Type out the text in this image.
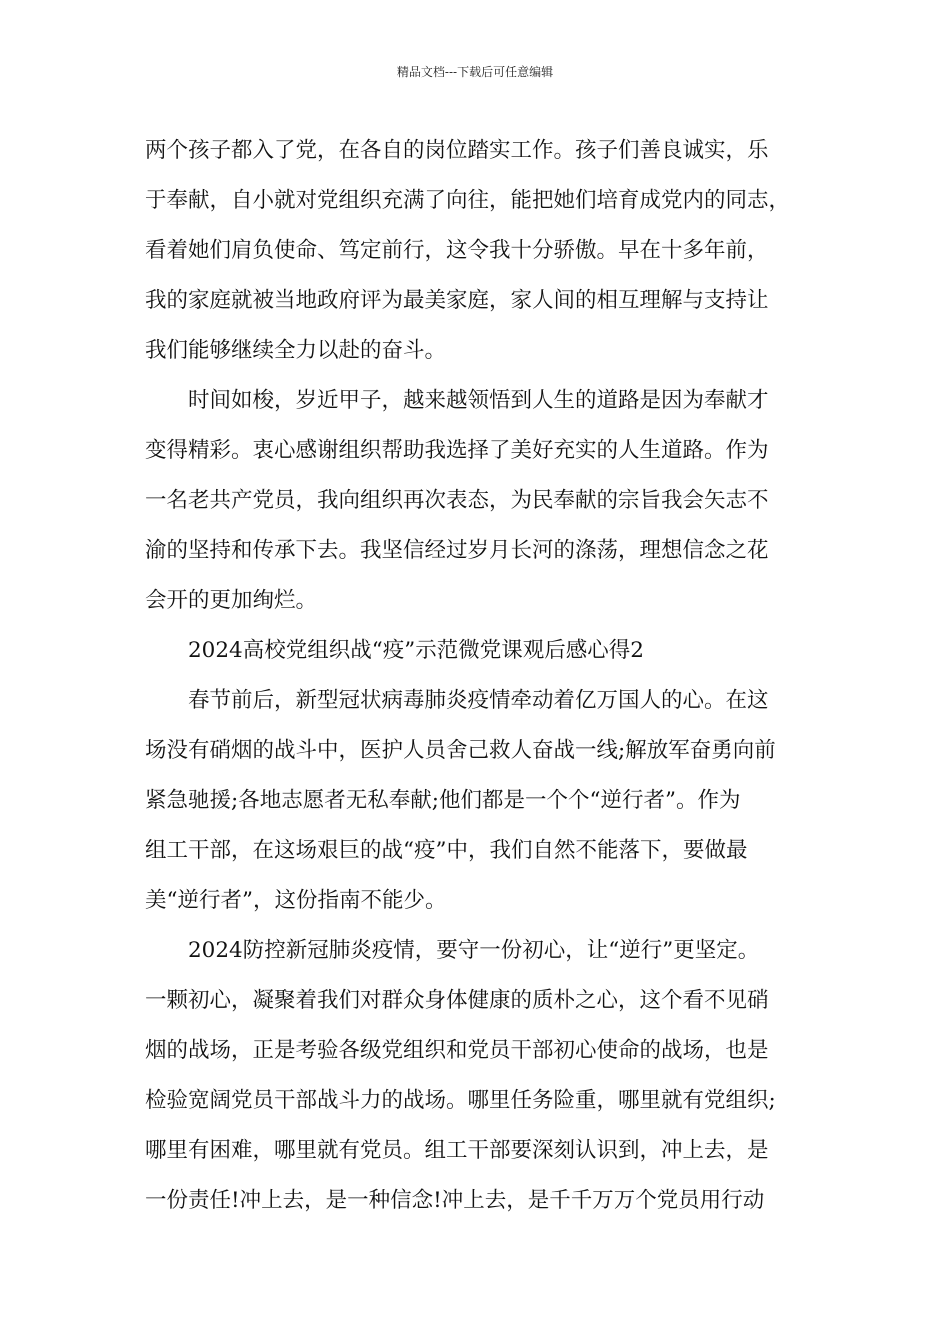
精品文档---下载后可任意编辑
两个孩子都入了党，在各自的岗位踏实工作。孩子们善良诚实，乐
于奉献，自小就对党组织充满了向往，能把她们培育成党内的同志，
看着她们肩负使命、笃定前行，这令我十分骄傲。早在十多年前，
我的家庭就被当地政府评为最美家庭，家人间的相互理解与支持让
我们能够继续全力以赴的奋斗。
时间如梭，岁近甲子，越来越领悟到人生的道路是因为奉献才
变得精彩。衷心感谢组织帮助我选择了美好充实的人生道路。作为
一名老共产党员，我向组织再次表态，为民奉献的宗旨我会矢志不
渝的坚持和传承下去。我坚信经过岁月长河的涤荡，理想信念之花
会开的更加绚烂。
2024高校党组织战“疫”示范微党课观后感心得2
春节前后，新型冠状病毒肺炎疫情牵动着亿万国人的心。在这
场没有硝烟的战斗中，医护人员舍己救人奋战一线;解放军奋勇向前
紧急驰援;各地志愿者无私奉献;他们都是一个个“逆行者”。作为
组工干部，在这场艰巨的战“疫”中，我们自然不能落下，要做最
美“逆行者”，这份指南不能少。
2024防控新冠肺炎疫情，要守一份初心，让“逆行”更坚定。
一颗初心，凝聚着我们对群众身体健康的质朴之心，这个看不见硝
烟的战场，正是考验各级党组织和党员干部初心使命的战场，也是
检验宽阔党员干部战斗力的战场。哪里任务险重，哪里就有党组织;
哪里有困难，哪里就有党员。组工干部要深刻认识到，冲上去，是
一份责任!冲上去，是一种信念!冲上去，是千千万万个党员用行动
